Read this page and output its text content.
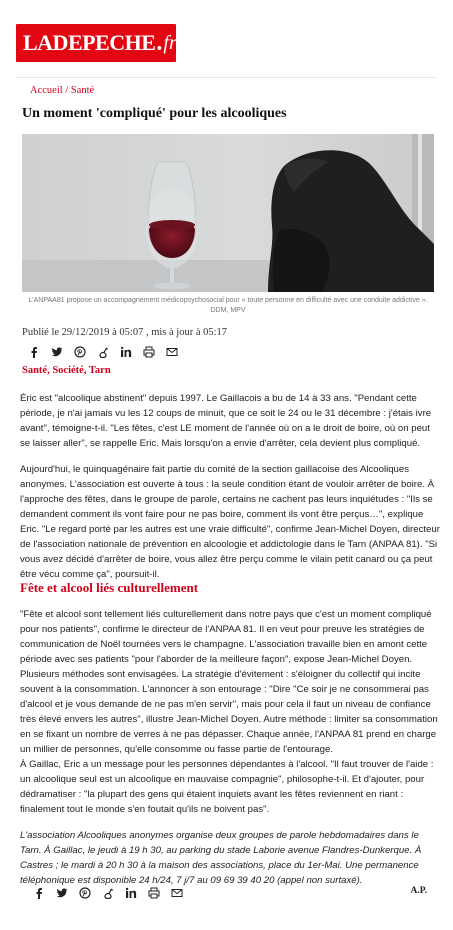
LADEPECHE . fr
Accueil / Santé
Un moment 'compliqué' pour les alcooliques
L'ANPAA81 propose un accompagnement médicopsychosocial pour « toute personne en difficulté avec une conduite addictive ». DDM, MPV
Publié le 29/12/2019 à 05:07 , mis à jour à 05:17
Santé, Société, Tarn

Éric est "alcoolique abstinent" depuis 1997. Le Gaillacois a bu de 14 à 33 ans. "Pendant cette période, je n'ai jamais vu les 12 coups de minuit, que ce soit le 24 ou le 31 décembre : j'étais ivre avant", témoigne-t-il. "Les fêtes, c'est LE moment de l'année où on a le droit de boire, où on peut se laisser aller", se rappelle Eric. Mais lorsqu'on a envie d'arrêter, cela devient plus compliqué.

Aujourd'hui, le quinquagénaire fait partie du comité de la section gaillacoise des Alcooliques anonymes. L'association est ouverte à tous : la seule condition étant de vouloir arrêter de boire. À l'approche des fêtes, dans le groupe de parole, certains ne cachent pas leurs inquiétudes : "Ils se demandent comment ils vont faire pour ne pas boire, comment ils vont être perçus…", explique Eric. "Le regard porté par les autres est une vraie difficulté", confirme Jean-Michel Doyen, directeur de l'association nationale de prévention en alcoologie et addictologie dans le Tarn (ANPAA 81). "Si vous avez décidé d'arrêter de boire, vous allez être perçu comme le vilain petit canard ou ça peut être vécu comme ça", poursuit-il.

Fête et alcool liés culturellement

"Fête et alcool sont tellement liés culturellement dans notre pays que c'est un moment compliqué pour nos patients", confirme le directeur de l'ANPAA 81. Il en veut pour preuve les stratégies de communication de Noël tournées vers le champagne. L'association travaille bien en amont cette période avec ses patients "pour l'aborder de la meilleure façon", expose Jean-Michel Doyen. Plusieurs méthodes sont envisagées. La stratégie d'évitement : s'éloigner du collectif qui incite souvent à la consommation. L'annoncer à son entourage : "Dire ''Ce soir je ne consommerai pas d'alcool et je vous demande de ne pas m'en servir", mais pour cela il faut un niveau de confiance très élevé envers les autres", illustre Jean-Michel Doyen. Autre méthode : limiter sa consommation en se fixant un nombre de verres à ne pas dépasser. Chaque année, l'ANPAA 81 prend en charge un millier de personnes, qu'elle consomme ou fasse partie de l'entourage.

À Gaillac, Eric a un message pour les personnes dépendantes à l'alcool. "Il faut trouver de l'aide : un alcoolique seul est un alcoolique en mauvaise compagnie", philosophe-t-il. Et d'ajouter, pour dédramatiser : "la plupart des gens qui étaient inquiets avant les fêtes reviennent en riant : finalement tout le monde s'en foutait qu'ils ne boivent pas".

L'association Alcooliques anonymes organise deux groupes de parole hebdomadaires dans le Tarn. À Gaillac, le jeudi à 19 h 30, au parking du stade Laborie avenue Flandres-Dunkerque. À Castres ; le mardi à 20 h 30 à la maison des associations, place du 1er-Mai. Une permanence téléphonique est disponible 24 h/24, 7 j/7 au 09 69 39 40 20 (appel non surtaxé).

A.P.
